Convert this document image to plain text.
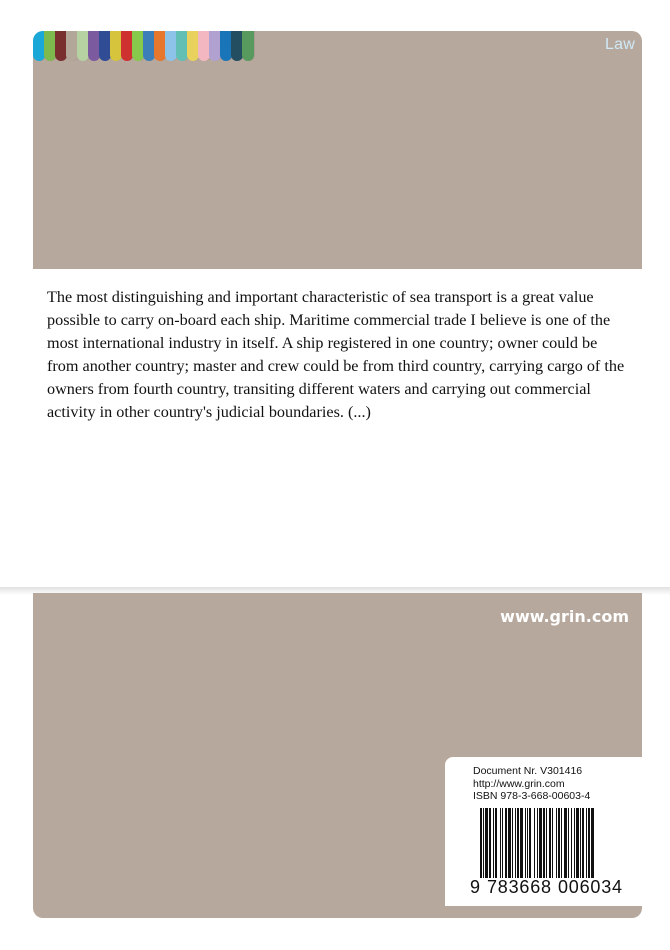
Law

The most distinguishing and important characteristic of sea transport is a great value possible to carry on-board each ship. Maritime commercial trade I believe is one of the most international industry in itself. A ship registered in one country; owner could be from another country; master and crew could be from third country, carrying cargo of the owners from fourth country, transiting different waters and carrying out commercial activity in other country's judicial boundaries. (...)

www.grin.com
Document Nr. V301416
http://www.grin.com
ISBN 978-3-668-00603-4
9 783668 006034
